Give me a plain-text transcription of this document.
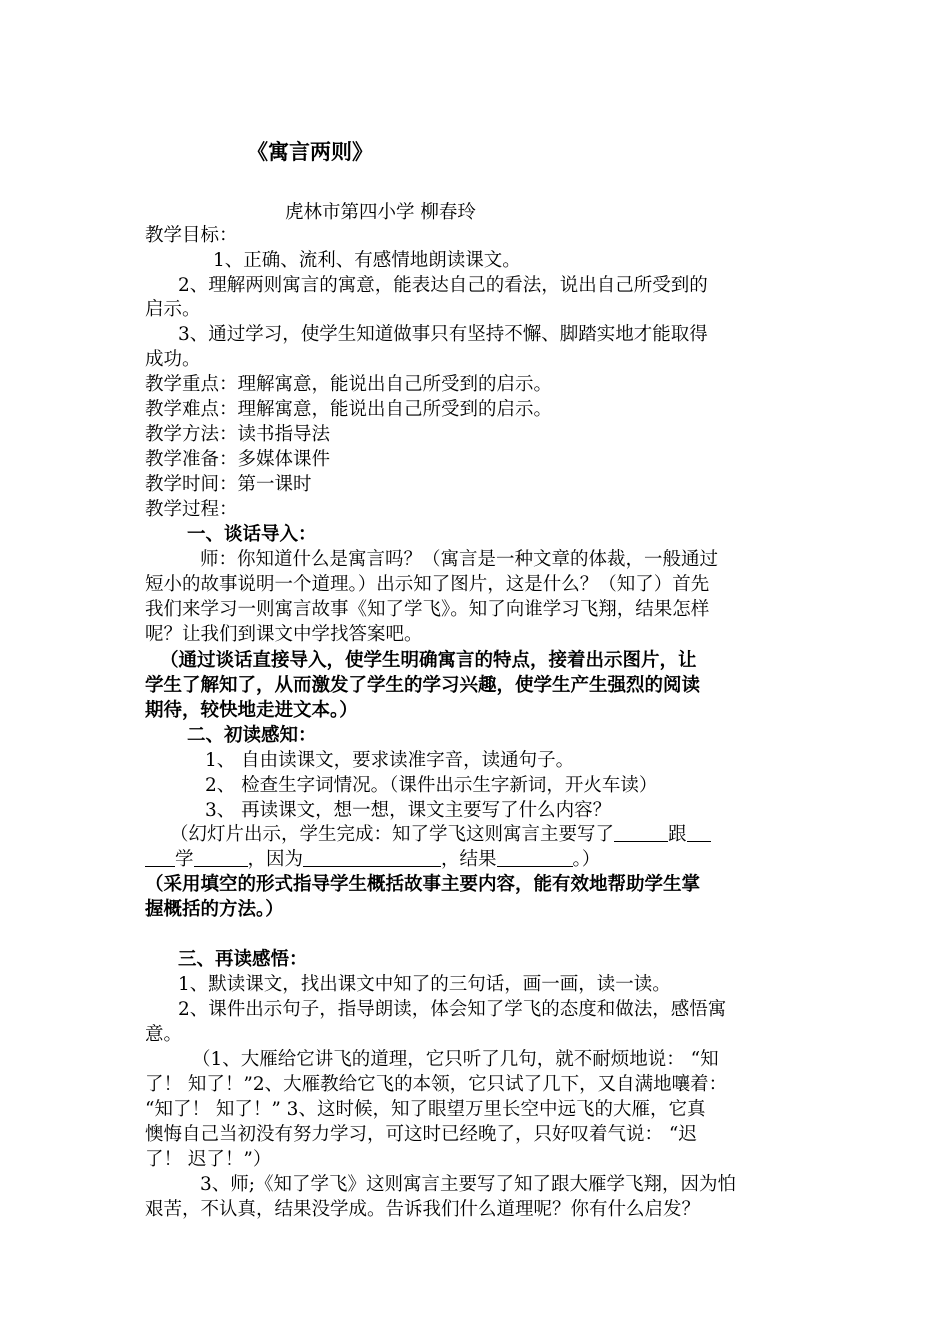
《寓言两则》
虎林市第四小学 柳春玲
教学目标：
1、正确、流利、有感情地朗读课文。
2、理解两则寓言的寓意，能表达自己的看法，说出自己所受到的
启示。
3、通过学习，使学生知道做事只有坚持不懈、脚踏实地才能取得
成功。
教学重点：理解寓意，能说出自己所受到的启示。
教学难点：理解寓意，能说出自己所受到的启示。
教学方法：读书指导法
教学准备：多媒体课件
教学时间：第一课时
教学过程：
一、谈话导入：
师：你知道什么是寓言吗？（寓言是一种文章的体裁，一般通过
短小的故事说明一个道理。）出示知了图片，这是什么？（知了）首先
我们来学习一则寓言故事《知了学飞》。知了向谁学习飞翔，结果怎样
呢？让我们到课文中学找答案吧。
（通过谈话直接导入，使学生明确寓言的特点，接着出示图片，让
学生了解知了，从而激发了学生的学习兴趣，使学生产生强烈的阅读
期待，较快地走进文本。）
二、初读感知：
1、 自由读课文，要求读准字音，读通句子。
2、 检查生字词情况。（课件出示生字新词，开火车读）
3、 再读课文，想一想，课文主要写了什么内容？
（幻灯片出示，学生完成：知了学飞这则寓言主要写了	跟
学	，因为	，结果	。）
（采用填空的形式指导学生概括故事主要内容，能有效地帮助学生掌
握概括的方法。）
三、再读感悟：
1、默读课文，找出课文中知了的三句话，画一画，读一读。
2、课件出示句子，指导朗读，体会知了学飞的态度和做法，感悟寓
意。
（1、大雁给它讲飞的道理，它只听了几句，就不耐烦地说： “知
了！ 知了！”2、大雁教给它飞的本领，它只试了几下，又自满地嚷着：
“知了！ 知了！” 3、这时候，知了眼望万里长空中远飞的大雁，它真
懊悔自己当初没有努力学习，可这时已经晚了，只好叹着气说： “迟
了！ 迟了！”）
3、师;《知了学飞》这则寓言主要写了知了跟大雁学飞翔，因为怕
艰苦，不认真，结果没学成。告诉我们什么道理呢？你有什么启发？
